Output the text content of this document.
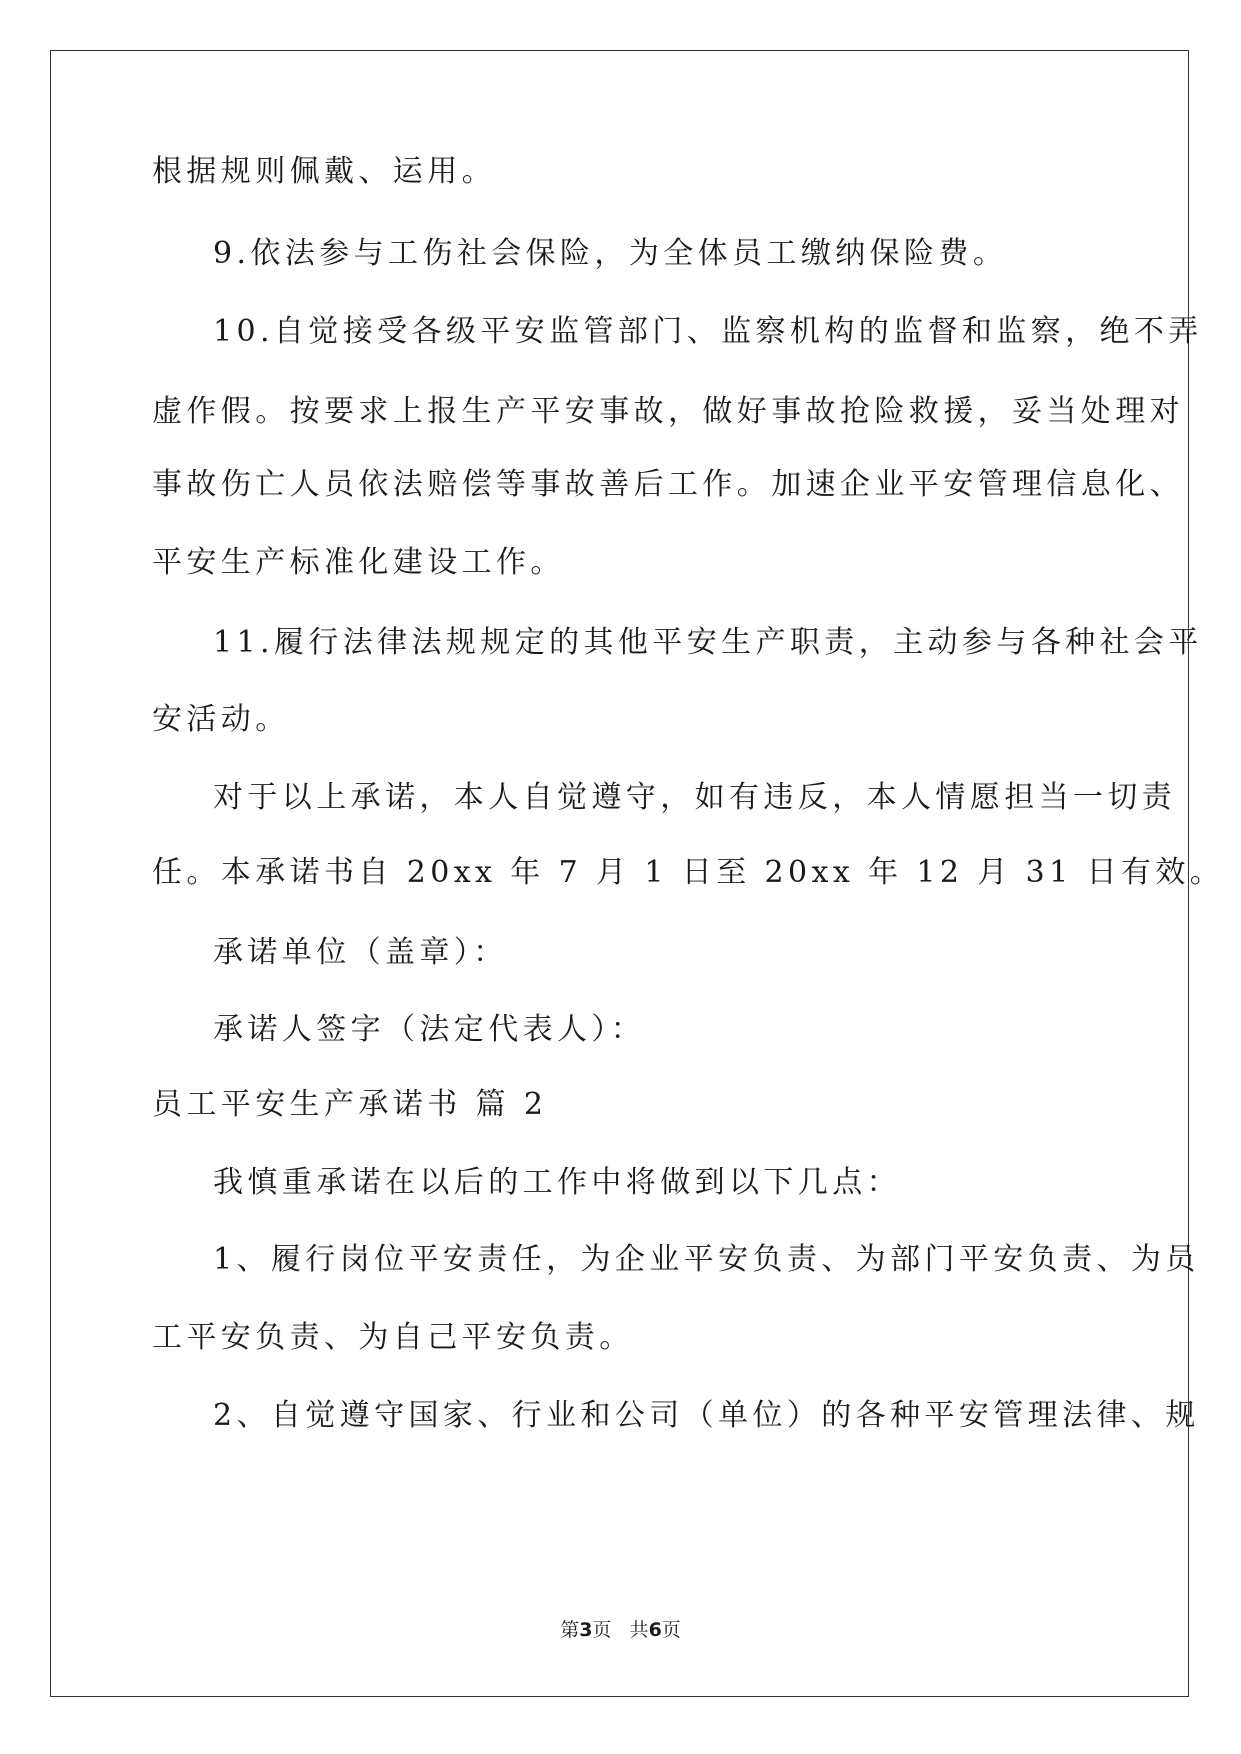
根据规则佩戴、运用。
9.依法参与工伤社会保险，为全体员工缴纳保险费。
10.自觉接受各级平安监管部门、监察机构的监督和监察，绝不弄
虚作假。按要求上报生产平安事故，做好事故抢险救援，妥当处理对
事故伤亡人员依法赔偿等事故善后工作。加速企业平安管理信息化、
平安生产标准化建设工作。
11.履行法律法规规定的其他平安生产职责，主动参与各种社会平
安活动。
对于以上承诺，本人自觉遵守，如有违反，本人情愿担当一切责
任。本承诺书自 20xx 年 7 月 1 日至 20xx 年 12 月 31 日有效。
承诺单位（盖章）：
承诺人签字（法定代表人）：
员工平安生产承诺书 篇 2
我慎重承诺在以后的工作中将做到以下几点：
1、履行岗位平安责任，为企业平安负责、为部门平安负责、为员
工平安负责、为自己平安负责。
2、自觉遵守国家、行业和公司（单位）的各种平安管理法律、规
第3页   共6页
